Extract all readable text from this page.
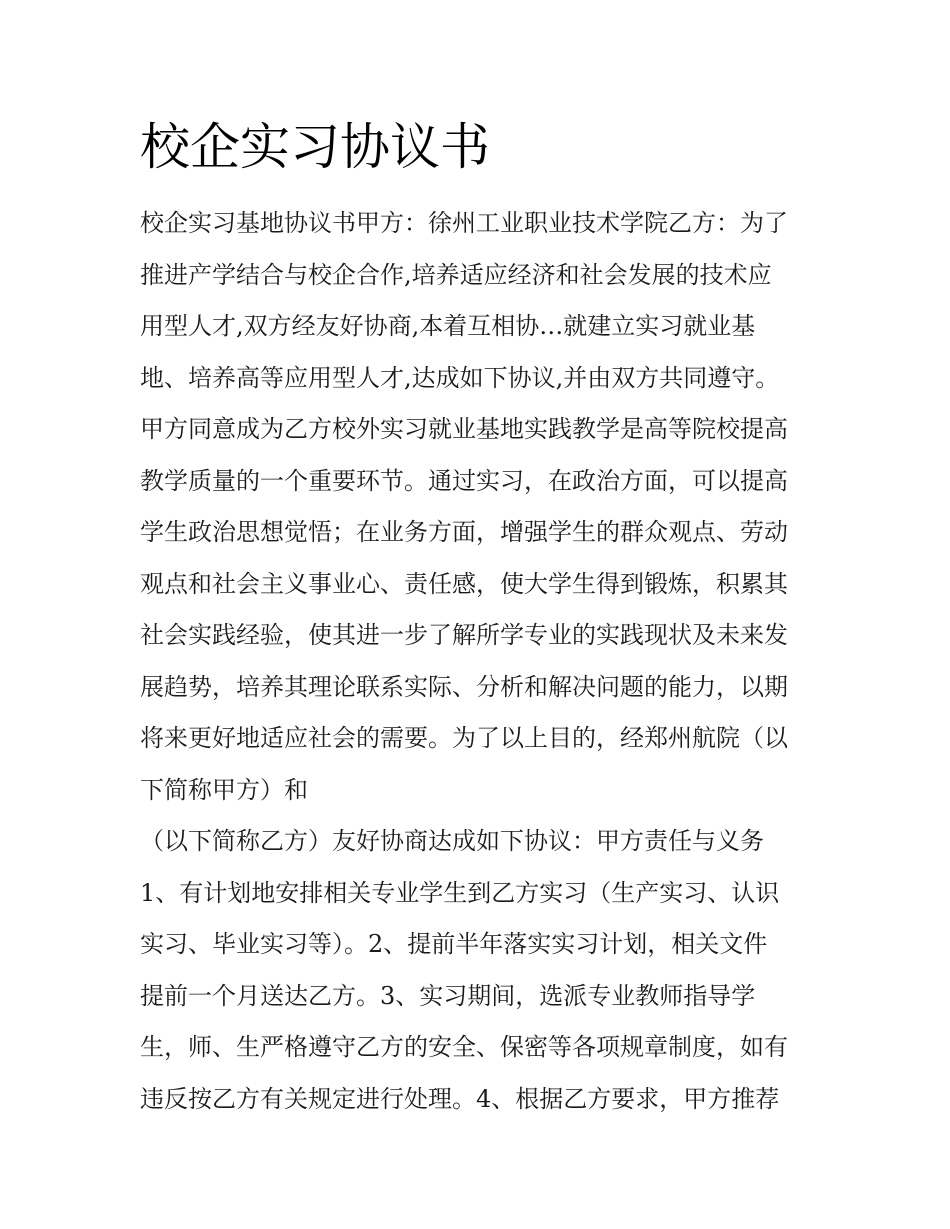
校企实习协议书
校企实习基地协议书甲方：徐州工业职业技术学院乙方：为了
推进产学结合与校企合作,培养适应经济和社会发展的技术应
用型人才,双方经友好协商,本着互相协…就建立实习就业基
地、培养高等应用型人才,达成如下协议,并由双方共同遵守。
甲方同意成为乙方校外实习就业基地实践教学是高等院校提高
教学质量的一个重要环节。通过实习，在政治方面，可以提高
学生政治思想觉悟；在业务方面，增强学生的群众观点、劳动
观点和社会主义事业心、责任感，使大学生得到锻炼，积累其
社会实践经验，使其进一步了解所学专业的实践现状及未来发
展趋势，培养其理论联系实际、分析和解决问题的能力，以期
将来更好地适应社会的需要。为了以上目的，经郑州航院（以
下简称甲方）和
（以下简称乙方）友好协商达成如下协议：甲方责任与义务
1、有计划地安排相关专业学生到乙方实习（生产实习、认识
实习、毕业实习等）。2、提前半年落实实习计划，相关文件
提前一个月送达乙方。3、实习期间，选派专业教师指导学
生，师、生严格遵守乙方的安全、保密等各项规章制度，如有
违反按乙方有关规定进行处理。4、根据乙方要求，甲方推荐
